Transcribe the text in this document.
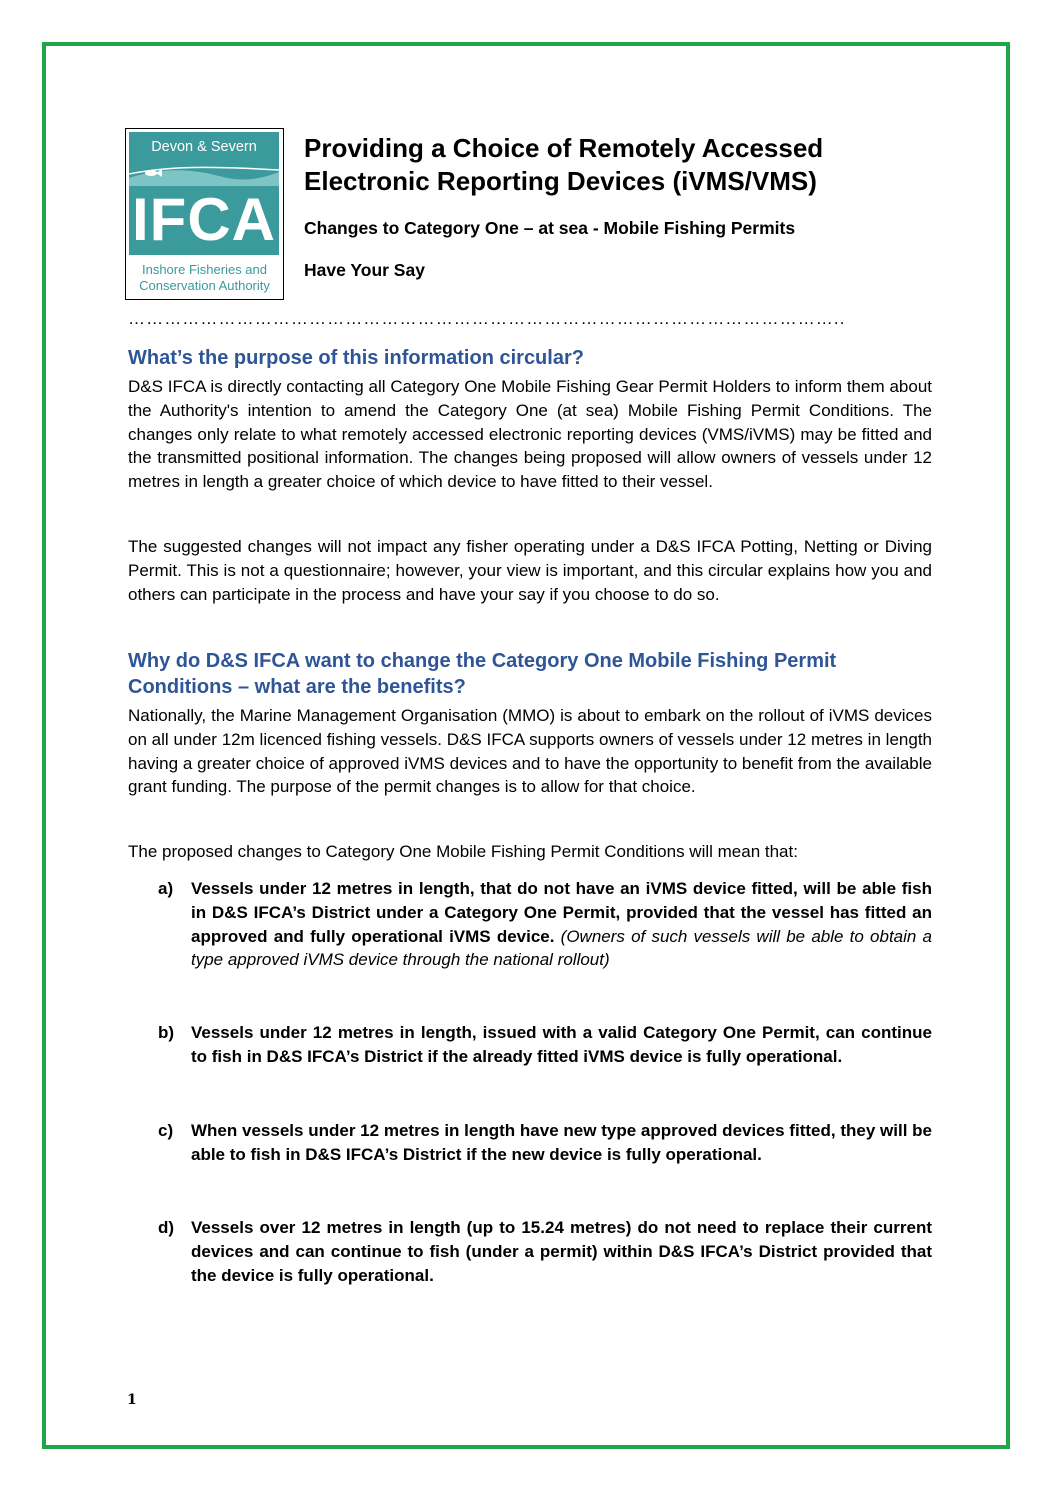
Devon & Severn
IFCA
Inshore Fisheries and
Conservation Authority
Providing a Choice of Remotely Accessed Electronic Reporting Devices (iVMS/VMS)
Changes to Category One – at sea - Mobile Fishing Permits
Have Your Say
………………………………………………………………………………………………………..
What’s the purpose of this information circular?
D&S IFCA is directly contacting all Category One Mobile Fishing Gear Permit Holders to inform them about the Authority's intention to amend the Category One (at sea) Mobile Fishing Permit Conditions. The changes only relate to what remotely accessed electronic reporting devices (VMS/iVMS) may be fitted and the transmitted positional information. The changes being proposed will allow owners of vessels under 12 metres in length a greater choice of which device to have fitted to their vessel.
The suggested changes will not impact any fisher operating under a D&S IFCA Potting, Netting or Diving Permit. This is not a questionnaire; however, your view is important, and this circular explains how you and others can participate in the process and have your say if you choose to do so.
Why do D&S IFCA want to change the Category One Mobile Fishing Permit Conditions – what are the benefits?
Nationally, the Marine Management Organisation (MMO) is about to embark on the rollout of iVMS devices on all under 12m licenced fishing vessels. D&S IFCA supports owners of vessels under 12 metres in length having a greater choice of approved iVMS devices and to have the opportunity to benefit from the available grant funding. The purpose of the permit changes is to allow for that choice.
The proposed changes to Category One Mobile Fishing Permit Conditions will mean that:
a) Vessels under 12 metres in length, that do not have an iVMS device fitted, will be able fish in D&S IFCA’s District under a Category One Permit, provided that the vessel has fitted an approved and fully operational iVMS device. (Owners of such vessels will be able to obtain a type approved iVMS device through the national rollout)
b) Vessels under 12 metres in length, issued with a valid Category One Permit, can continue to fish in D&S IFCA’s District if the already fitted iVMS device is fully operational.
c) When vessels under 12 metres in length have new type approved devices fitted, they will be able to fish in D&S IFCA’s District if the new device is fully operational.
d) Vessels over 12 metres in length (up to 15.24 metres) do not need to replace their current devices and can continue to fish (under a permit) within D&S IFCA’s District provided that the device is fully operational.
1
